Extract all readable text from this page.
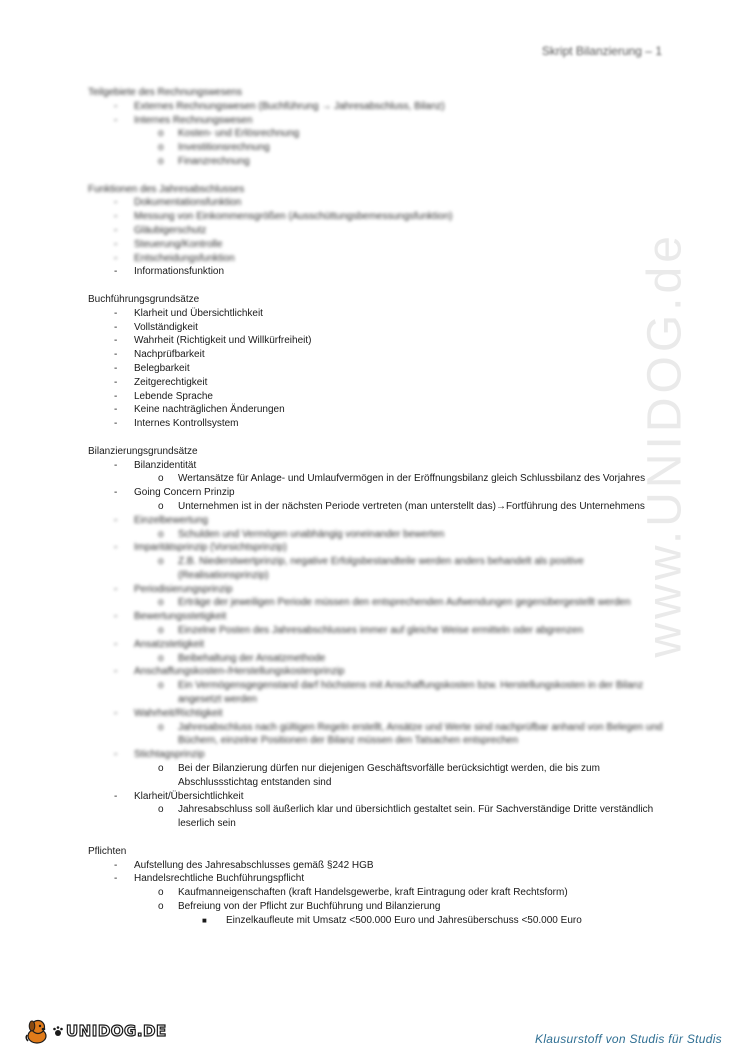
Skript Bilanzierung – 1
www.UNIDOG.de
Teilgebiete des Rechnungswesens
-	Externes Rechnungswesen (Buchführung → Jahresabschluss, Bilanz)
-	Internes Rechnungswesen
o	Kosten- und Erlösrechnung
o	Investitionsrechnung
o	Finanzrechnung
Funktionen des Jahresabschlusses
-	Dokumentationsfunktion
-	Messung von Einkommensgrößen (Ausschüttungsbemessungsfunktion)
-	Gläubigerschutz
-	Steuerung/Kontrolle
-	Entscheidungsfunktion
-	Informationsfunktion
Buchführungsgrundsätze
-	Klarheit und Übersichtlichkeit
-	Vollständigkeit
-	Wahrheit (Richtigkeit und Willkürfreiheit)
-	Nachprüfbarkeit
-	Belegbarkeit
-	Zeitgerechtigkeit
-	Lebende Sprache
-	Keine nachträglichen Änderungen
-	Internes Kontrollsystem
Bilanzierungsgrundsätze
-	Bilanzidentität
o	Wertansätze für Anlage- und Umlaufvermögen in der Eröffnungsbilanz gleich Schlussbilanz des Vorjahres
-	Going Concern Prinzip
o	Unternehmen ist in der nächsten Periode vertreten (man unterstellt das)→Fortführung des Unternehmens
-	Einzelbewertung
o	Schulden und Vermögen unabhängig voneinander bewerten
-	Imparitätsprinzip (Vorsichtsprinzip)
o	Z.B. Niederstwertprinzip, negative Erfolgsbestandteile werden anders behandelt als positive (Realisationsprinzip)
-	Periodisierungsprinzip
o	Erträge der jeweiligen Periode müssen den entsprechenden Aufwendungen gegenübergestellt werden
-	Bewertungsstetigkeit
o	Einzelne Posten des Jahresabschlusses immer auf gleiche Weise ermitteln oder abgrenzen
-	Ansatzstetigkeit
o	Beibehaltung der Ansatzmethode
-	Anschaffungskosten-/Herstellungskostenprinzip
o	Ein Vermögensgegenstand darf höchstens mit Anschaffungskosten bzw. Herstellungskosten in der Bilanz angesetzt werden
-	Wahrheit/Richtigkeit
o	Jahresabschluss nach gültigen Regeln erstellt, Ansätze und Werte sind nachprüfbar anhand von Belegen und Büchern, einzelne Positionen der Bilanz müssen den Tatsachen entsprechen
-	Stichtagsprinzip
o	Bei der Bilanzierung dürfen nur diejenigen Geschäftsvorfälle berücksichtigt werden, die bis zum Abschlussstichtag entstanden sind
-	Klarheit/Übersichtlichkeit
o	Jahresabschluss soll äußerlich klar und übersichtlich gestaltet sein. Für Sachverständige Dritte verständlich leserlich sein
Pflichten
-	Aufstellung des Jahresabschlusses gemäß §242 HGB
-	Handelsrechtliche Buchführungspflicht
o	Kaufmanneigenschaften (kraft Handelsgewerbe, kraft Eintragung oder kraft Rechtsform)
o	Befreiung von der Pflicht zur Buchführung und Bilanzierung
■	Einzelkaufleute mit Umsatz <500.000 Euro und Jahresüberschuss <50.000 Euro
UNIDOG.DE	Klausurstoff von Studis für Studis
